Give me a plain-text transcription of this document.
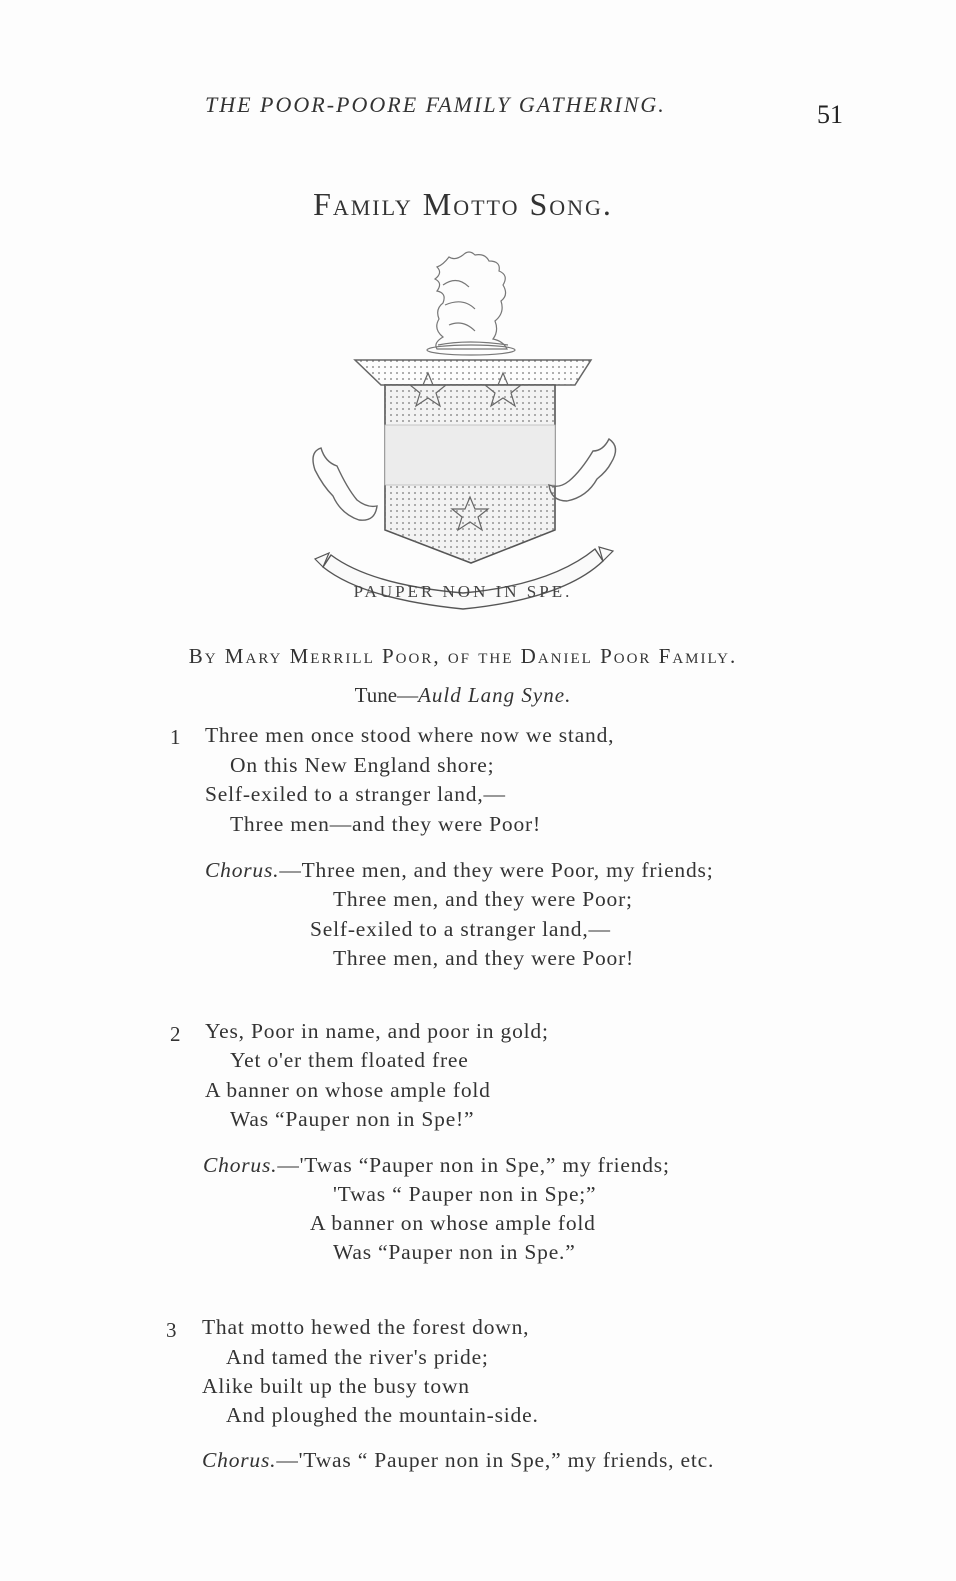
THE POOR-POORE FAMILY GATHERING.	51
Family Motto Song.
PAUPER NON IN SPE.
By Mary Merrill Poor, of the Daniel Poor Family.
Tune—Auld Lang Syne.
1 Three men once stood where now we stand,
On this New England shore;
Self-exiled to a stranger land,—
Three men—and they were Poor!
Chorus.—Three men, and they were Poor, my friends;
Three men, and they were Poor;
Self-exiled to a stranger land,—
Three men, and they were Poor!
2 Yes, Poor in name, and poor in gold;
Yet o'er them floated free
A banner on whose ample fold
Was “Pauper non in Spe!”
Chorus.—'Twas “Pauper non in Spe,” my friends;
'Twas “ Pauper non in Spe;”
A banner on whose ample fold
Was “Pauper non in Spe.”
3 That motto hewed the forest down,
And tamed the river's pride;
Alike built up the busy town
And ploughed the mountain-side.
Chorus.—'Twas “ Pauper non in Spe,” my friends, etc.
